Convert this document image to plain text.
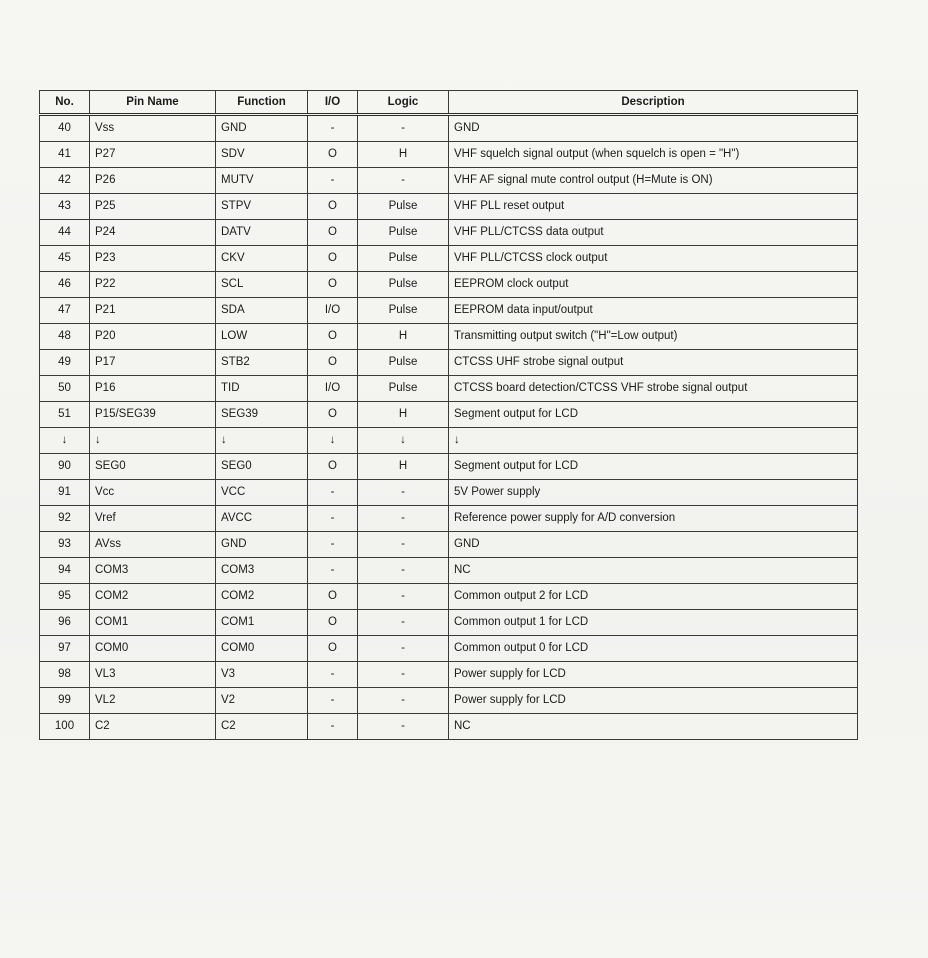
No.	Pin Name	Function	I/O	Logic	Description
40	Vss	GND	-	-	GND
41	P27	SDV	O	H	VHF squelch signal output (when squelch is open = "H")
42	P26	MUTV	-	-	VHF AF signal mute control output (H=Mute is ON)
43	P25	STPV	O	Pulse	VHF PLL reset output
44	P24	DATV	O	Pulse	VHF PLL/CTCSS data output
45	P23	CKV	O	Pulse	VHF PLL/CTCSS clock output
46	P22	SCL	O	Pulse	EEPROM clock output
47	P21	SDA	I/O	Pulse	EEPROM data input/output
48	P20	LOW	O	H	Transmitting output switch ("H"=Low output)
49	P17	STB2	O	Pulse	CTCSS UHF strobe signal output
50	P16	TID	I/O	Pulse	CTCSS board detection/CTCSS VHF strobe signal output
51	P15/SEG39	SEG39	O	H	Segment output for LCD
↓	↓	↓	↓	↓	↓
90	SEG0	SEG0	O	H	Segment output for LCD
91	Vcc	VCC	-	-	5V Power supply
92	Vref	AVCC	-	-	Reference power supply for A/D conversion
93	AVss	GND	-	-	GND
94	COM3	COM3	-	-	NC
95	COM2	COM2	O	-	Common output 2 for LCD
96	COM1	COM1	O	-	Common output 1 for LCD
97	COM0	COM0	O	-	Common output 0 for LCD
98	VL3	V3	-	-	Power supply for LCD
99	VL2	V2	-	-	Power supply for LCD
100	C2	C2	-	-	NC
